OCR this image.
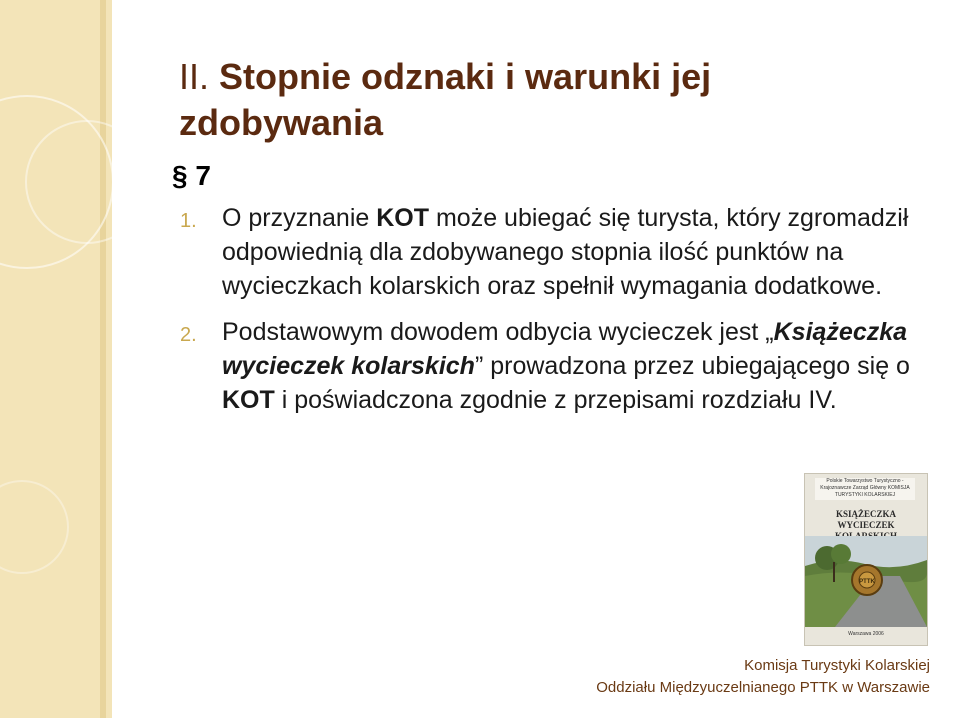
II. Stopnie odznaki i warunki jej zdobywania
§ 7
1. O przyznanie KOT może ubiegać się turysta, który zgromadził odpowiednią dla zdobywanego stopnia ilość punktów na wycieczkach kolarskich oraz spełnił wymagania dodatkowe.
2. Podstawowym dowodem odbycia wycieczek jest „Książeczka wycieczek kolarskich” prowadzona przez ubiegającego się o KOT i poświadczona zgodnie z przepisami rozdziału IV.
Polskie Towarzystwo Turystyczno - Krajoznawcze Zarząd Główny KOMISJA TURYSTYKI KOLARSKIEJ
KSIĄŻECZKA
WYCIECZEK
PTTK
Warszawa 2006
Komisja Turystyki Kolarskiej
Oddziału Międzyuczelnianego PTTK w Warszawie
